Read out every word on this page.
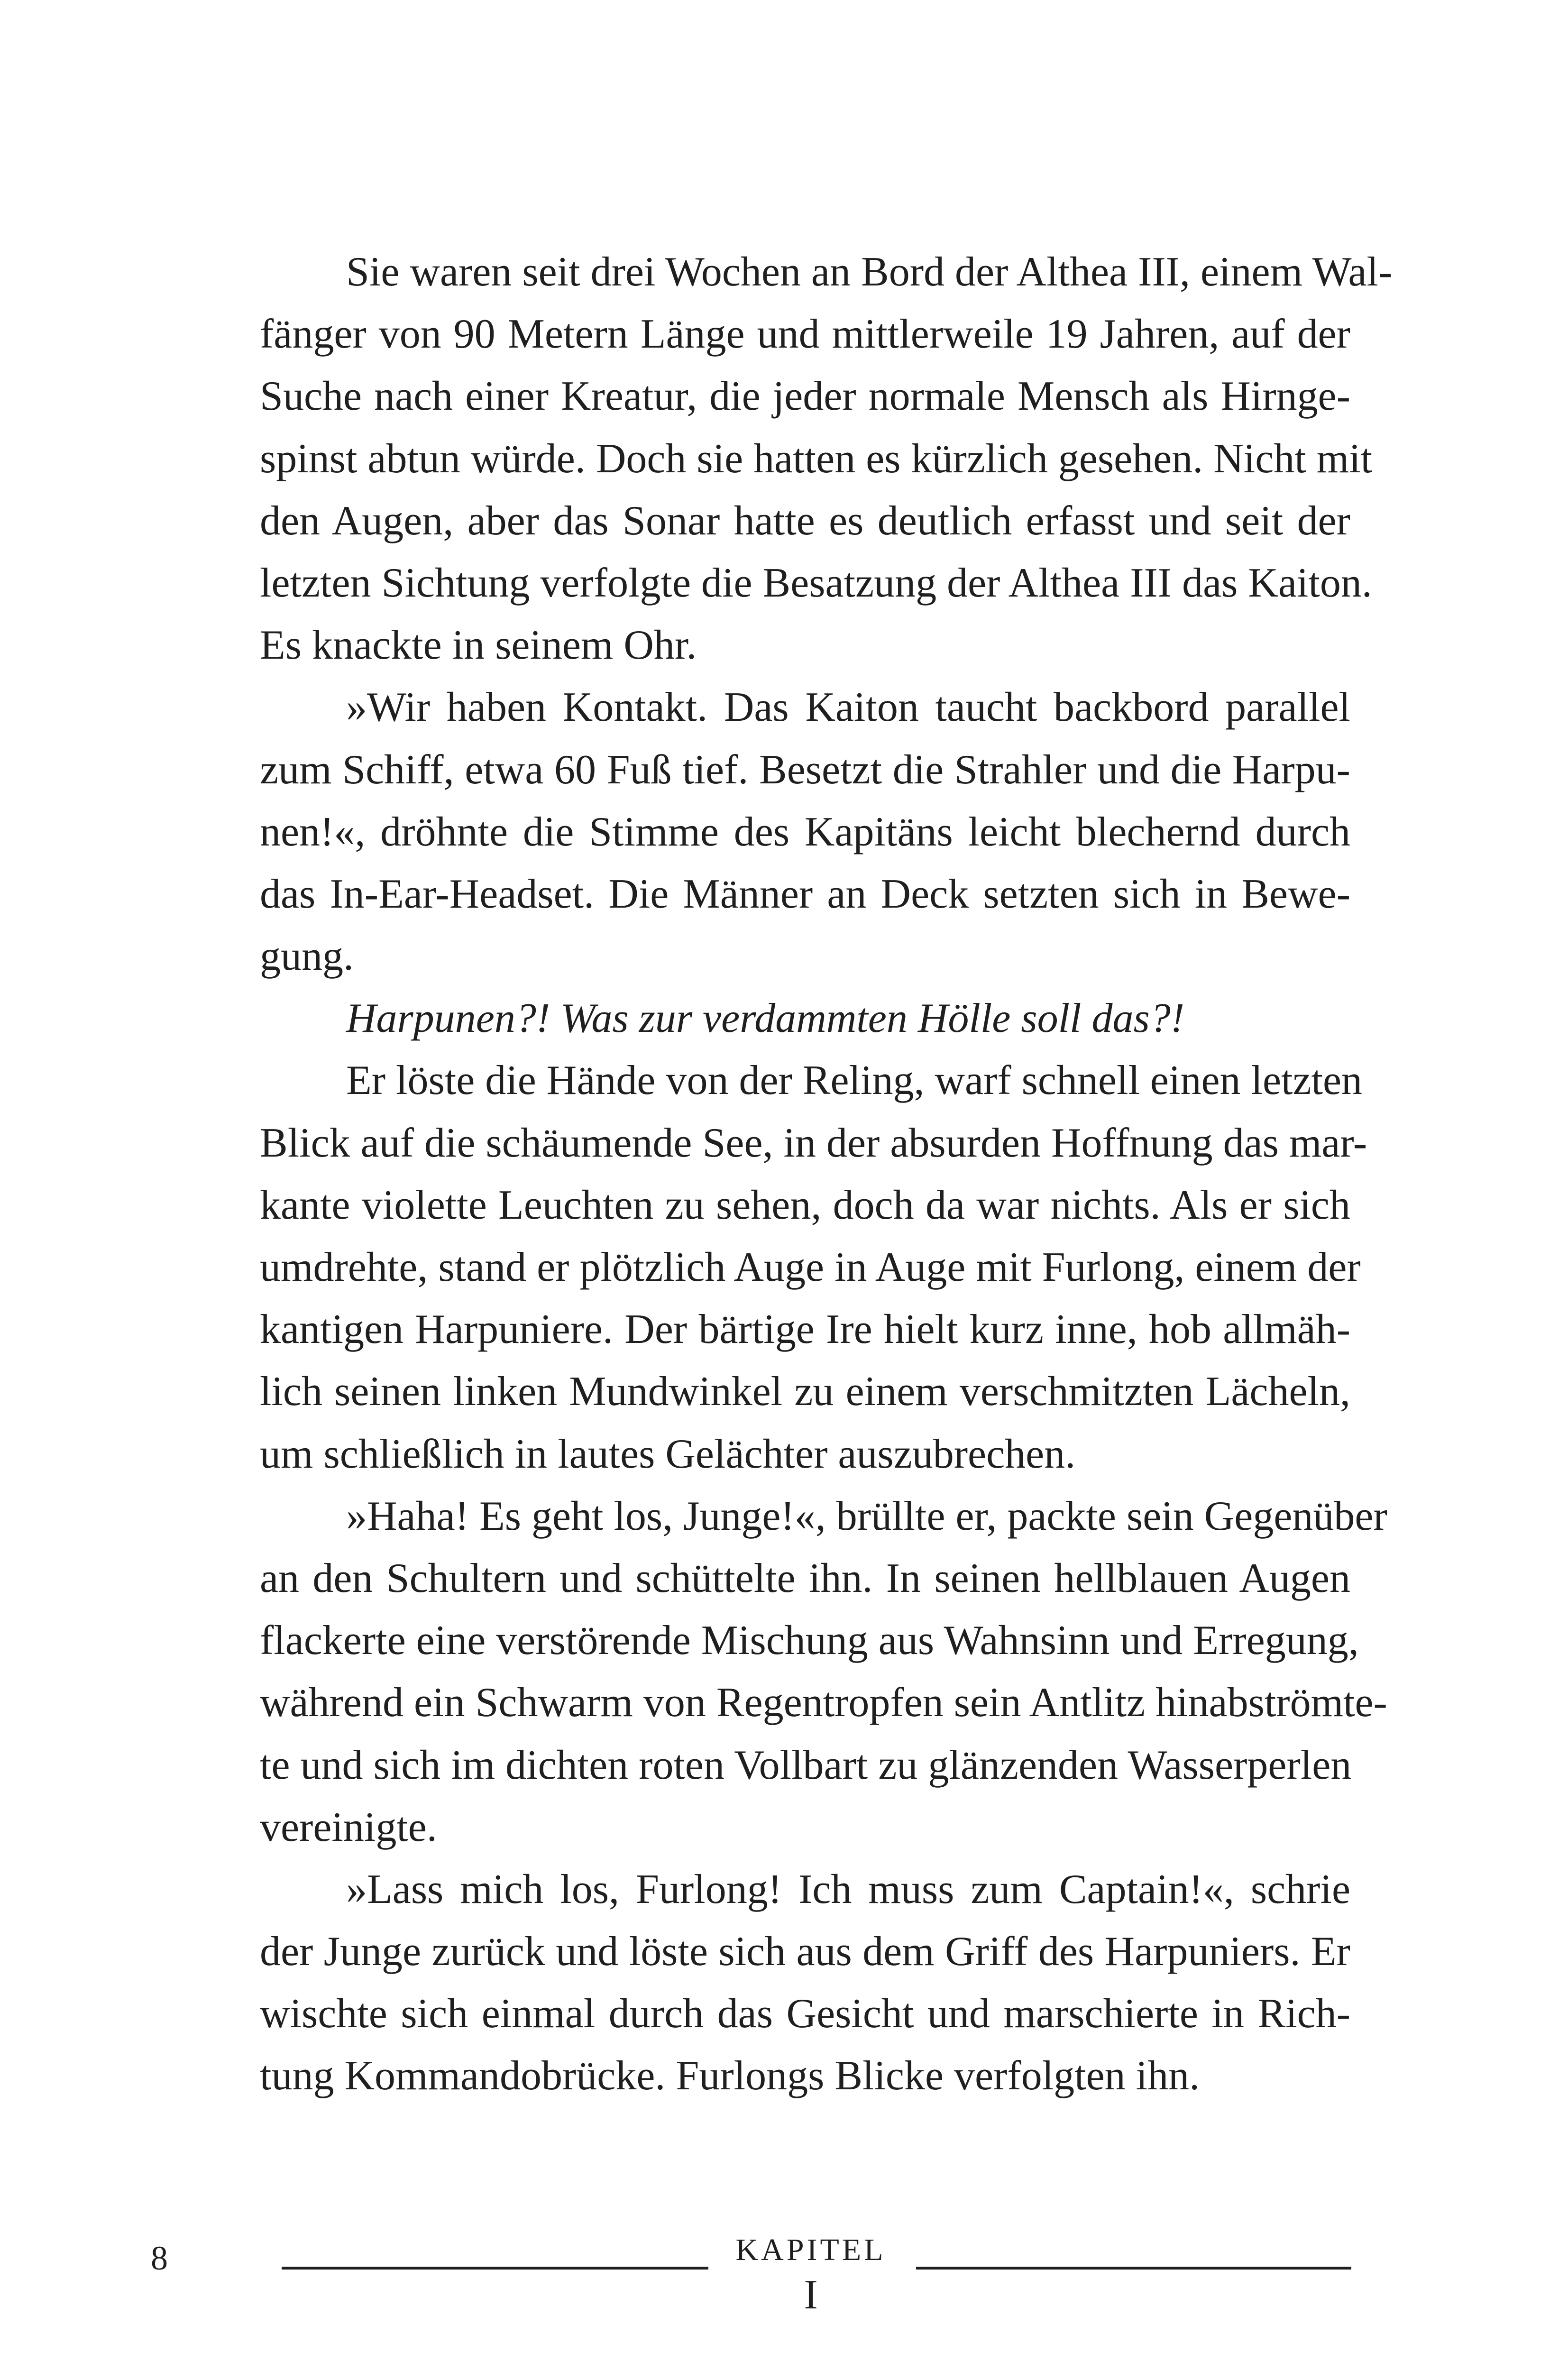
Sie waren seit drei Wochen an Bord der Althea III, einem Wal-
fänger von 90 Metern Länge und mittlerweile 19 Jahren, auf der
Suche nach einer Kreatur, die jeder normale Mensch als Hirnge-
spinst abtun würde. Doch sie hatten es kürzlich gesehen. Nicht mit
den Augen, aber das Sonar hatte es deutlich erfasst und seit der
letzten Sichtung verfolgte die Besatzung der Althea III das Kaiton.
Es knackte in seinem Ohr.
»Wir haben Kontakt. Das Kaiton taucht backbord parallel
zum Schiff, etwa 60 Fuß tief. Besetzt die Strahler und die Harpu-
nen!«, dröhnte die Stimme des Kapitäns leicht blechernd durch
das In-Ear-Headset. Die Männer an Deck setzten sich in Bewe-
gung.
Harpunen?! Was zur verdammten Hölle soll das?!
Er löste die Hände von der Reling, warf schnell einen letzten
Blick auf die schäumende See, in der absurden Hoffnung das mar-
kante violette Leuchten zu sehen, doch da war nichts. Als er sich
umdrehte, stand er plötzlich Auge in Auge mit Furlong, einem der
kantigen Harpuniere. Der bärtige Ire hielt kurz inne, hob allmäh-
lich seinen linken Mundwinkel zu einem verschmitzten Lächeln,
um schließlich in lautes Gelächter auszubrechen.
»Haha! Es geht los, Junge!«, brüllte er, packte sein Gegenüber
an den Schultern und schüttelte ihn. In seinen hellblauen Augen
flackerte eine verstörende Mischung aus Wahnsinn und Erregung,
während ein Schwarm von Regentropfen sein Antlitz hinabströmte-
te und sich im dichten roten Vollbart zu glänzenden Wasserperlen
vereinigte.
»Lass mich los, Furlong! Ich muss zum Captain!«, schrie
der Junge zurück und löste sich aus dem Griff des Harpuniers. Er
wischte sich einmal durch das Gesicht und marschierte in Rich-
tung Kommandobrücke. Furlongs Blicke verfolgten ihn.
8	KAPITEL
I
